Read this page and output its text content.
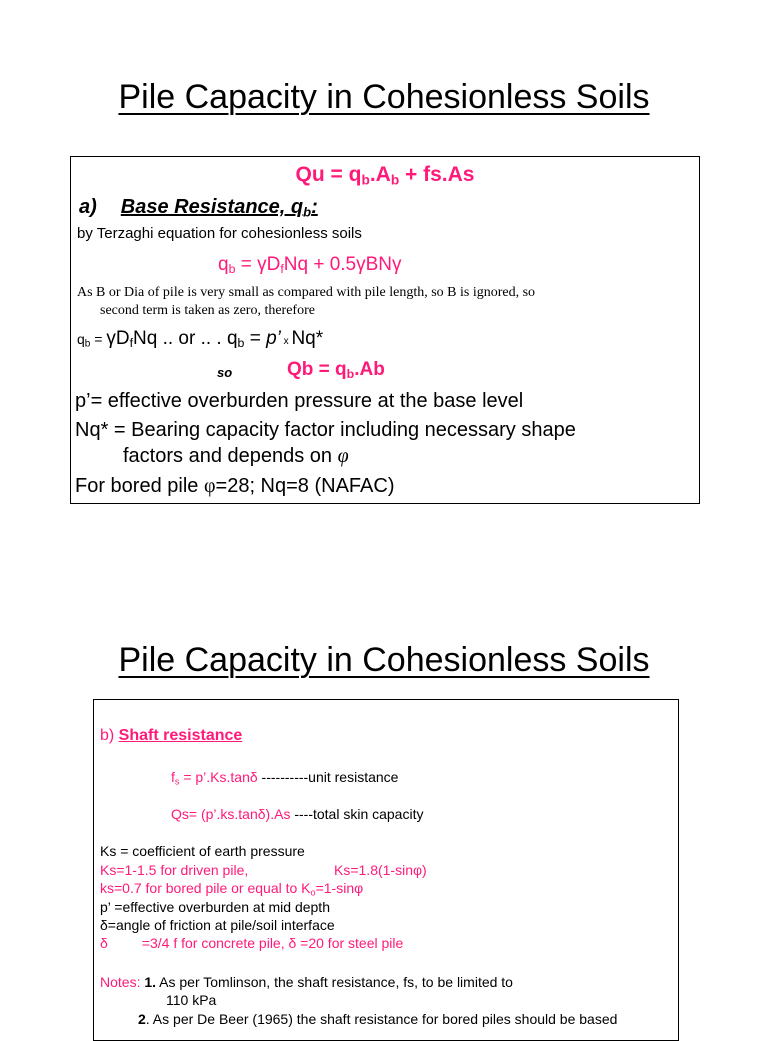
Pile Capacity in Cohesionless Soils
$Qu = q_b.A_b + fs.As$
a) Base Resistance, $q_b$:
by Terzaghi equation for cohesionless soils
$q_b = \gamma D_fNq + 0.5\gamma BN\gamma$
As B or Dia of pile is very small as compared with pile length, so B is ignored, so
second term is taken as zero, therefore
$q_b = \gamma D_fNq$ .. or .. . $q_b = p$’ x Nq*
so	$Qb = q_b.Ab$
p’= effective overburden pressure at the base level
Nq* = Bearing capacity factor including necessary shape
factors and depends on φ
For bored pile φ=28; Nq=8 (NAFAC)
Pile Capacity in Cohesionless Soils
b) Shaft resistance
$f_s$ = p’.Ks.tanδ ----------unit resistance
Qs= (p’.ks.tanδ).As ----total skin capacity
Ks = coefficient of earth pressure
Ks=1-1.5 for driven pile,	Ks=1.8(1-sinφ)
ks=0.7 for bored pile or equal to $K_o=1$-sinφ
p’ =effective overburden at mid depth
δ=angle of friction at pile/soil interface
δ =3/4 f for concrete pile, δ =20 for steel pile
Notes: 1. As per Tomlinson, the shaft resistance, fs, to be limited to
110 kPa
2. As per De Beer (1965) the shaft resistance for bored piles should be based
